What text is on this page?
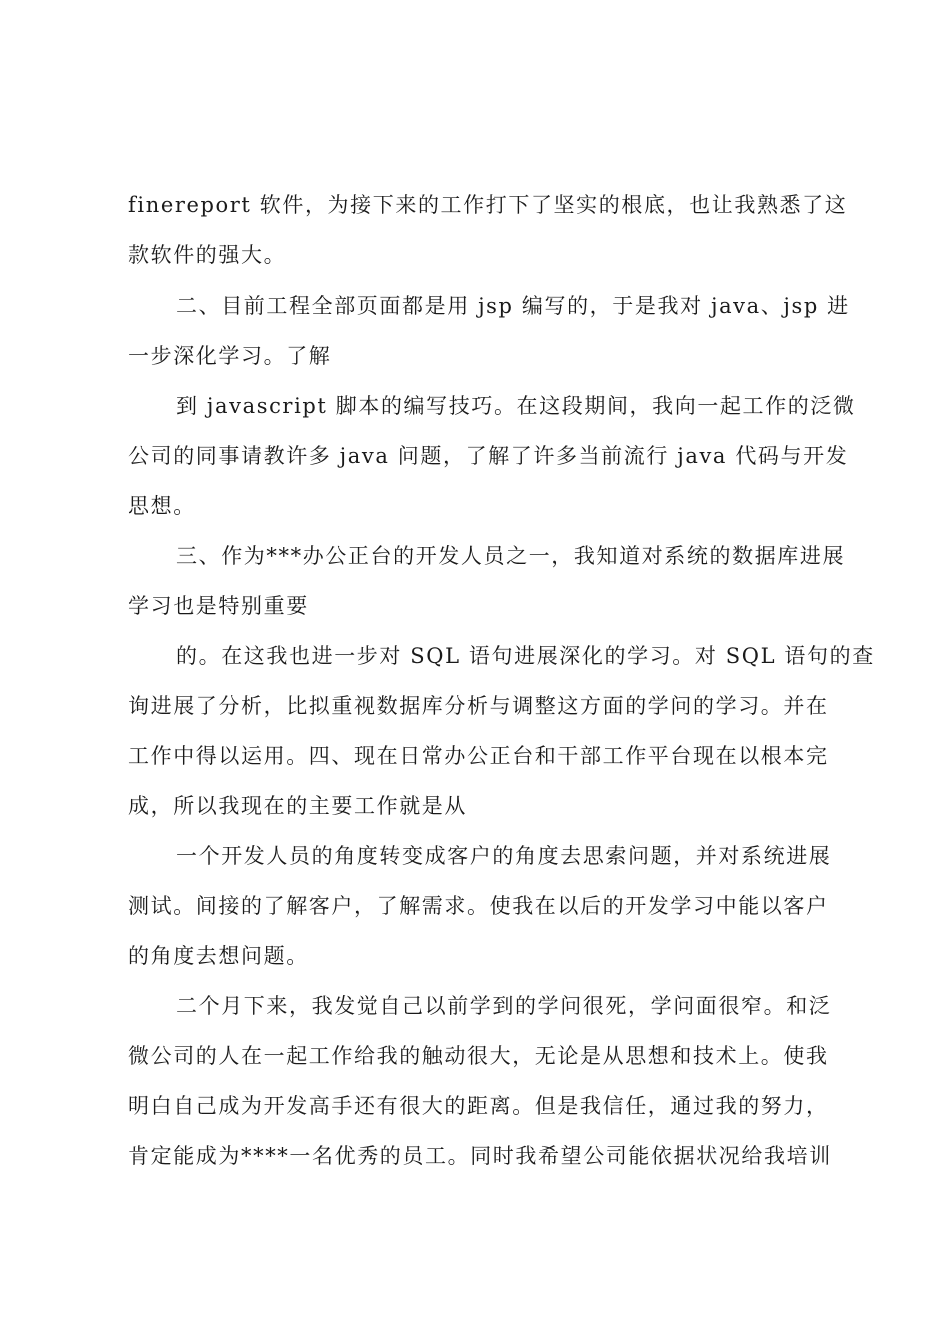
finereport 软件，为接下来的工作打下了坚实的根底，也让我熟悉了这
款软件的强大。
二、目前工程全部页面都是用 jsp 编写的，于是我对 java、jsp 进
一步深化学习。了解
到 javascript 脚本的编写技巧。在这段期间，我向一起工作的泛微
公司的同事请教许多 java 问题，了解了许多当前流行 java 代码与开发
思想。
三、作为***办公正台的开发人员之一，我知道对系统的数据库进展
学习也是特别重要
的。在这我也进一步对 SQL 语句进展深化的学习。对 SQL 语句的查
询进展了分析，比拟重视数据库分析与调整这方面的学问的学习。并在
工作中得以运用。四、现在日常办公正台和干部工作平台现在以根本完
成，所以我现在的主要工作就是从
一个开发人员的角度转变成客户的角度去思索问题，并对系统进展
测试。间接的了解客户，了解需求。使我在以后的开发学习中能以客户
的角度去想问题。
二个月下来，我发觉自己以前学到的学问很死，学问面很窄。和泛
微公司的人在一起工作给我的触动很大，无论是从思想和技术上。使我
明白自己成为开发高手还有很大的距离。但是我信任，通过我的努力，
肯定能成为****一名优秀的员工。同时我希望公司能依据状况给我培训
